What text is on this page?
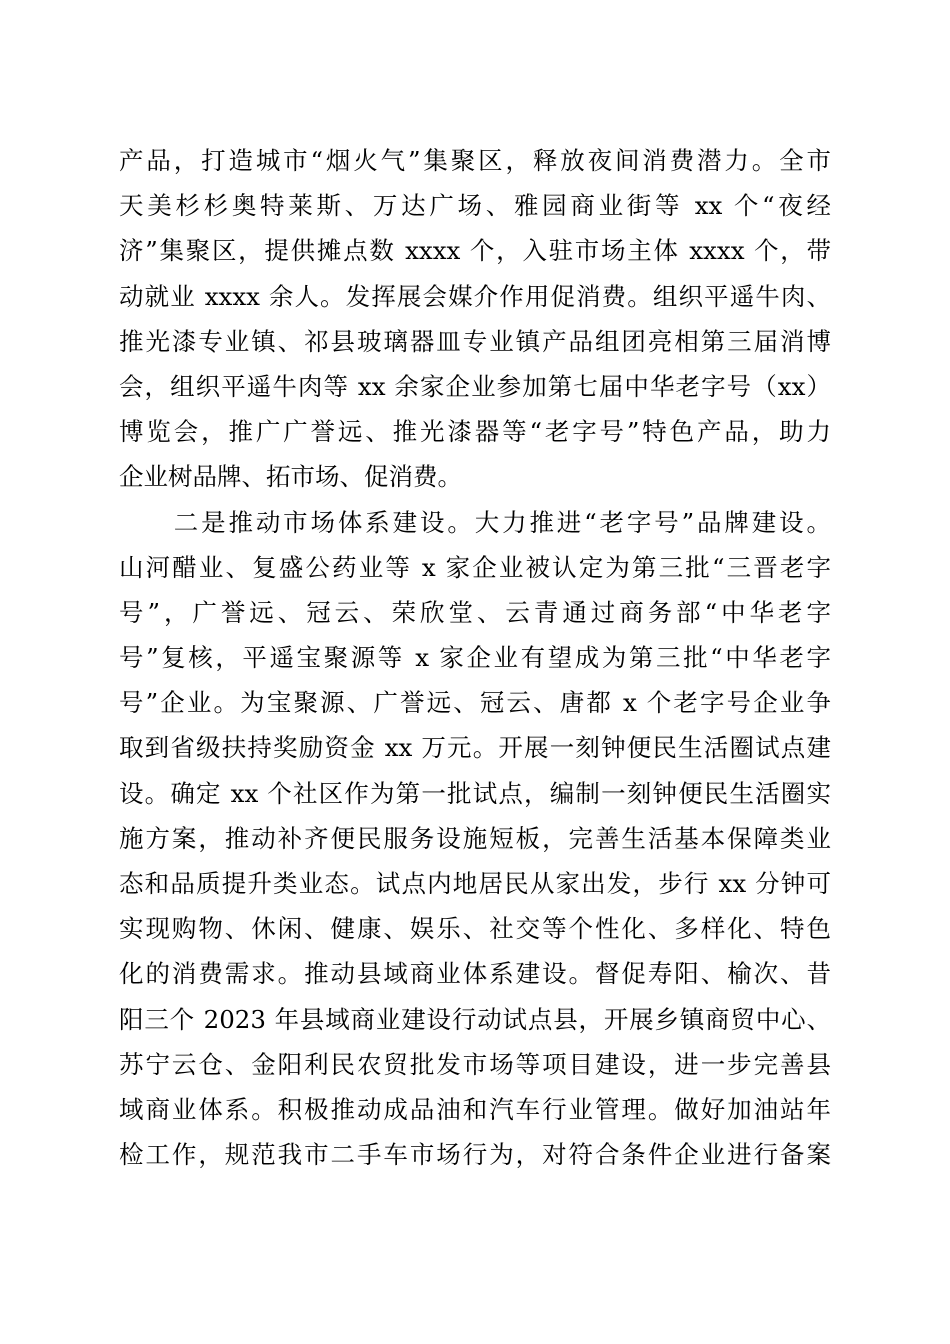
产品，打造城市“烟火气”集聚区，释放夜间消费潜力。全市
天美杉杉奥特莱斯、万达广场、雅园商业街等 xx 个“夜经
济”集聚区，提供摊点数 xxxx 个，入驻市场主体 xxxx 个，带
动就业 xxxx 余人。发挥展会媒介作用促消费。组织平遥牛肉、
推光漆专业镇、祁县玻璃器皿专业镇产品组团亮相第三届消博
会，组织平遥牛肉等 xx 余家企业参加第七届中华老字号（xx）
博览会，推广广誉远、推光漆器等“老字号”特色产品，助力
企业树品牌、拓市场、促消费。
　　二是推动市场体系建设。大力推进“老字号”品牌建设。
山河醋业、复盛公药业等 x 家企业被认定为第三批“三晋老字
号”，广誉远、冠云、荣欣堂、云青通过商务部“中华老字
号”复核，平遥宝聚源等 x 家企业有望成为第三批“中华老字
号”企业。为宝聚源、广誉远、冠云、唐都 x 个老字号企业争
取到省级扶持奖励资金 xx 万元。开展一刻钟便民生活圈试点建
设。确定 xx 个社区作为第一批试点，编制一刻钟便民生活圈实
施方案，推动补齐便民服务设施短板，完善生活基本保障类业
态和品质提升类业态。试点内地居民从家出发，步行 xx 分钟可
实现购物、休闲、健康、娱乐、社交等个性化、多样化、特色
化的消费需求。推动县域商业体系建设。督促寿阳、榆次、昔
阳三个 2023 年县域商业建设行动试点县，开展乡镇商贸中心、
苏宁云仓、金阳利民农贸批发市场等项目建设，进一步完善县
域商业体系。积极推动成品油和汽车行业管理。做好加油站年
检工作，规范我市二手车市场行为，对符合条件企业进行备案
